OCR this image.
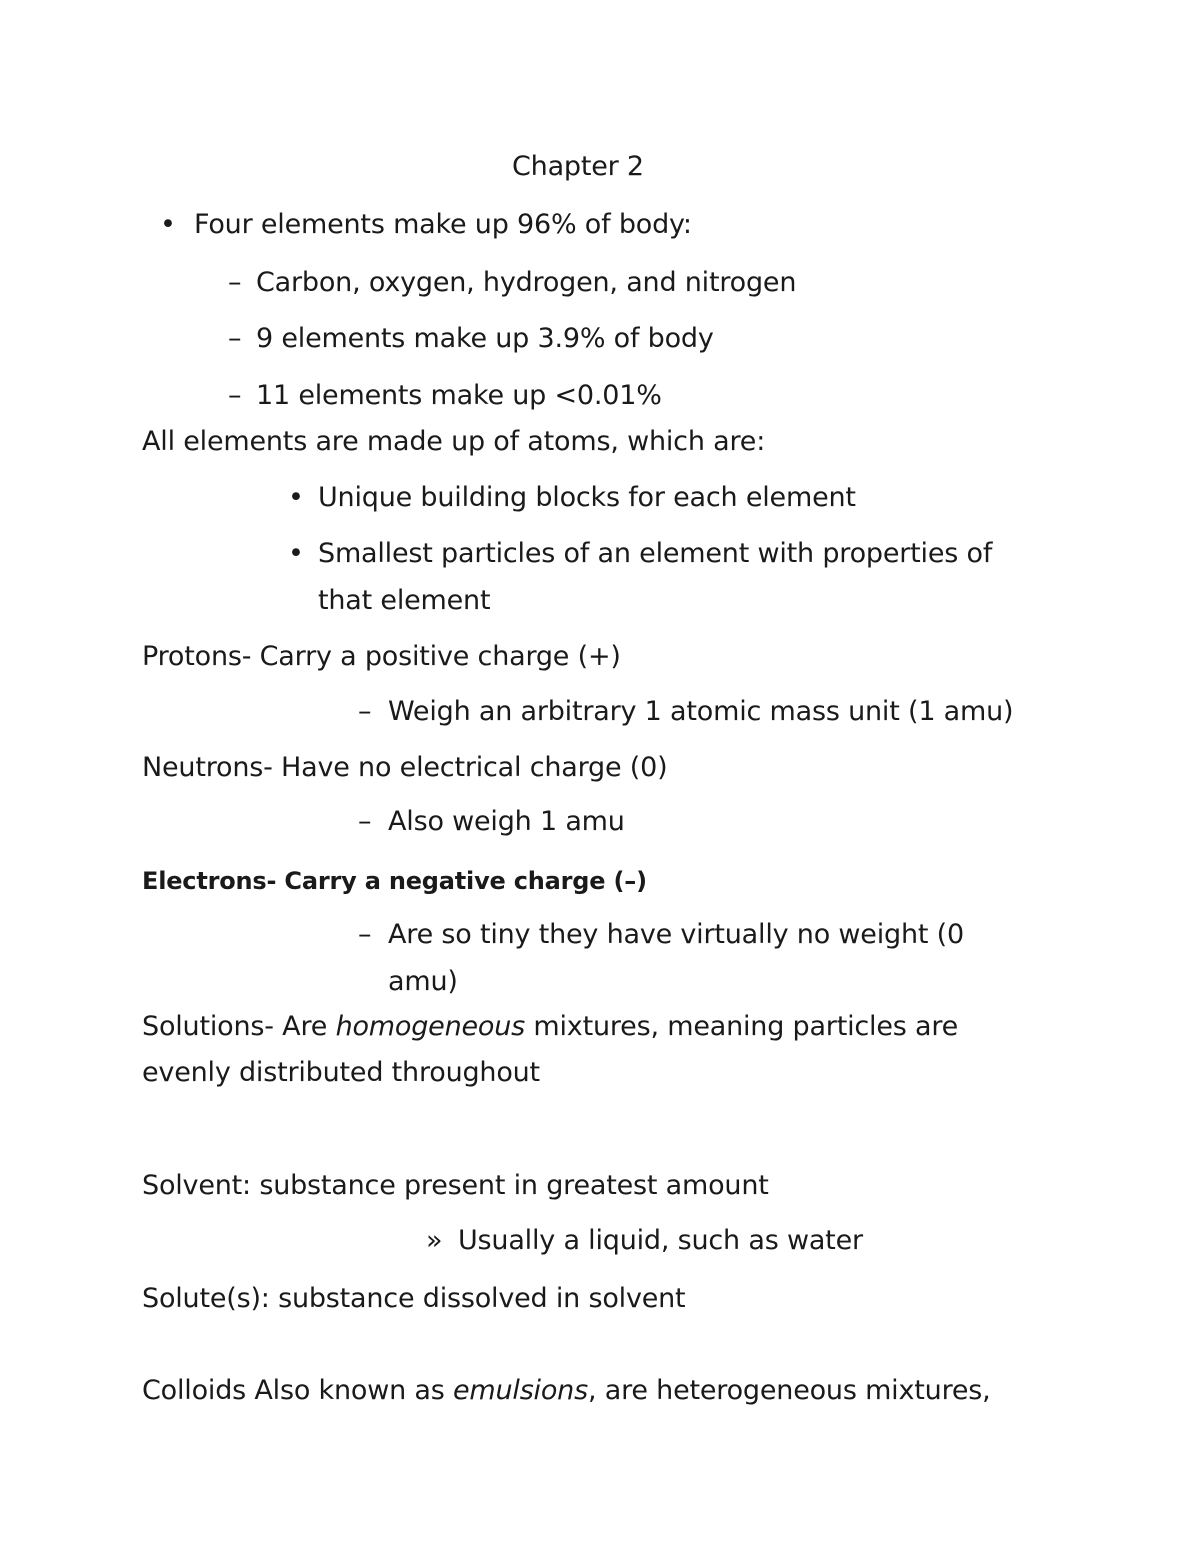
Chapter 2
• Four elements make up 96% of body:
– Carbon, oxygen, hydrogen, and nitrogen
– 9 elements make up 3.9% of body
– 11 elements make up <0.01%
All elements are made up of atoms, which are:
• Unique building blocks for each element
• Smallest particles of an element with properties of
that element
Protons- Carry a positive charge (+)
– Weigh an arbitrary 1 atomic mass unit (1 amu)
Neutrons- Have no electrical charge (0)
– Also weigh 1 amu
Electrons- Carry a negative charge (–)
– Are so tiny they have virtually no weight (0
amu)
Solutions- Are homogeneous mixtures, meaning particles are
evenly distributed throughout
Solvent: substance present in greatest amount
» Usually a liquid, such as water
Solute(s): substance dissolved in solvent
Colloids Also known as emulsions, are heterogeneous mixtures,
